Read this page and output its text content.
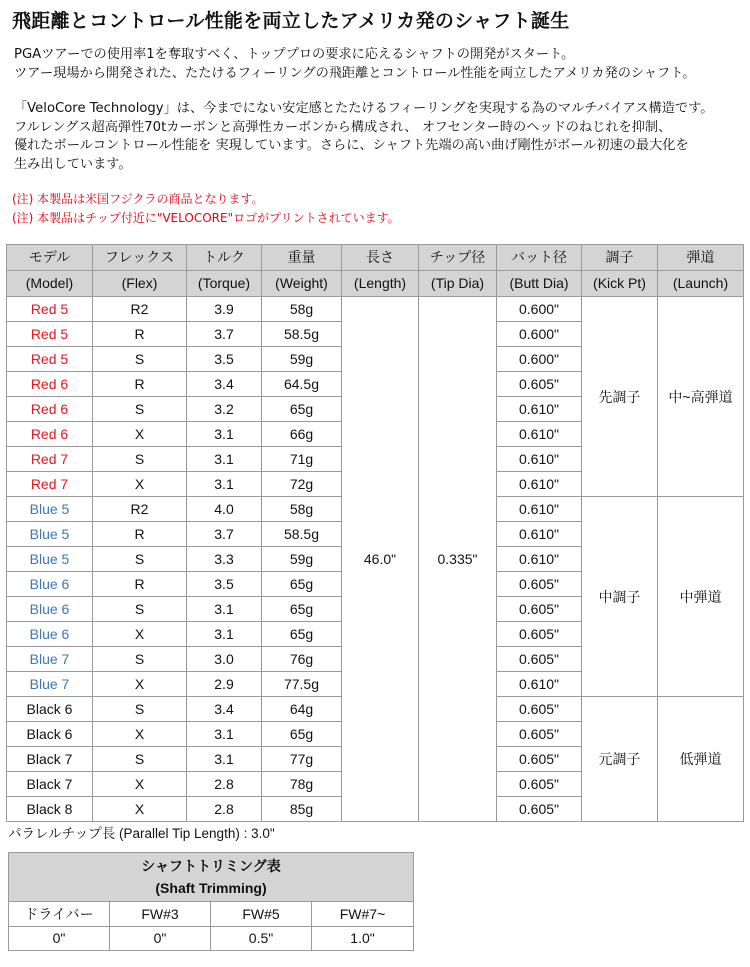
飛距離とコントロール性能を両立したアメリカ発のシャフト誕生
PGAツアーでの使用率1を奪取すべく、トッププロの要求に応えるシャフトの開発がスタート。
ツアー現場から開発された、たたけるフィーリングの飛距離とコントロール性能を両立したアメリカ発のシャフト。
「VeloCore Technology」は、今までにない安定感とたたけるフィーリングを実現する為のマルチバイアス構造です。
フルレングス超高弾性70tカーボンと高弾性カーボンから構成され、 オフセンター時のヘッドのねじれを抑制、
優れたボールコントロール性能を 実現しています。さらに、シャフト先端の高い曲げ剛性がボール初速の最大化を
生み出しています。
(注) 本製品は米国フジクラの商品となります。
(注) 本製品はチップ付近に"VELOCORE"ロゴがプリントされています。
モデル	フレックス	トルク	重量	長さ	チップ径	バット径	調子	弾道
(Model)	(Flex)	(Torque)	(Weight)	(Length)	(Tip Dia)	(Butt Dia)	(Kick Pt)	(Launch)
Red 5	R2	3.9	58g	46.0"	0.335"	0.600"	先調子	中~高弾道
Red 5	R	3.7	58.5g			0.600"		
Red 5	S	3.5	59g			0.600"		
Red 6	R	3.4	64.5g			0.605"		
Red 6	S	3.2	65g			0.610"		
Red 6	X	3.1	66g			0.610"		
Red 7	S	3.1	71g			0.610"		
Red 7	X	3.1	72g			0.610"		
Blue 5	R2	4.0	58g			0.610"	中調子	中弾道
Blue 5	R	3.7	58.5g			0.610"		
Blue 5	S	3.3	59g			0.610"		
Blue 6	R	3.5	65g			0.605"		
Blue 6	S	3.1	65g			0.605"		
Blue 6	X	3.1	65g			0.605"		
Blue 7	S	3.0	76g			0.605"		
Blue 7	X	2.9	77.5g			0.610"		
Black 6	S	3.4	64g			0.605"	元調子	低弾道
Black 6	X	3.1	65g			0.605"		
Black 7	S	3.1	77g			0.605"		
Black 7	X	2.8	78g			0.605"		
Black 8	X	2.8	85g			0.605"		
パラレルチップ長 (Parallel Tip Length) : 3.0"
シャフトトリミング表
(Shaft Trimming)			

ドライバー	FW#3	FW#5	FW#7~
0"	0"	0.5"	1.0"
